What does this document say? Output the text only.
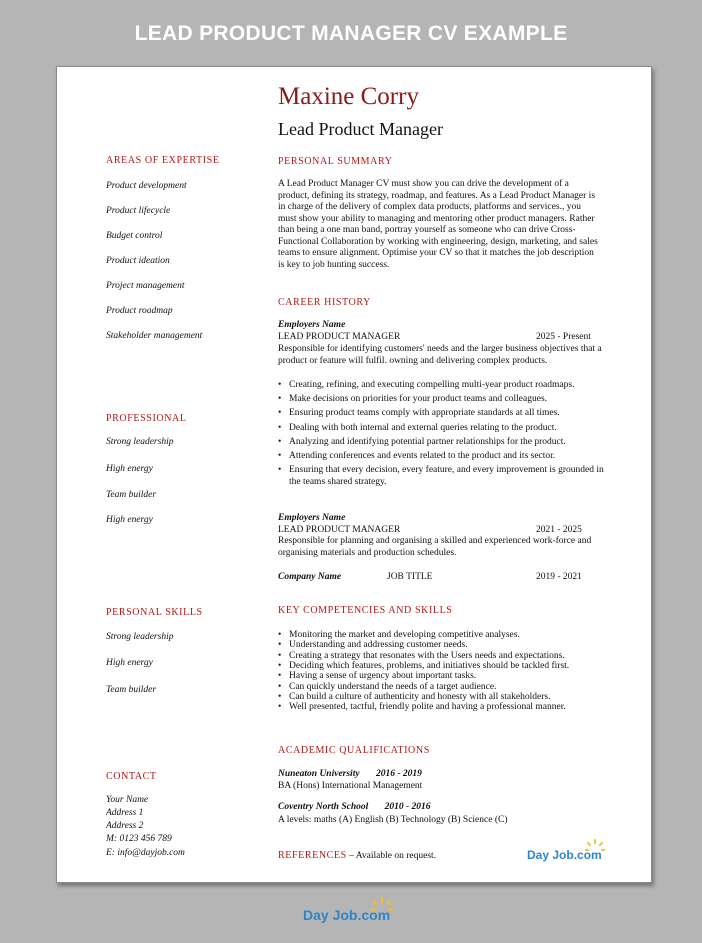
LEAD PRODUCT MANAGER CV EXAMPLE
Maxine Corry
Lead Product Manager
AREAS OF EXPERTISE
Product development
Product lifecycle
Budget control
Product ideation
Project management
Product roadmap
Stakeholder management
PROFESSIONAL
Strong leadership
High energy
Team builder
High energy
PERSONAL SKILLS
Strong leadership
High energy
Team builder
CONTACT
Your Name
Address 1
Address 2
M: 0123 456 789
E: info@dayjob.com
PERSONAL SUMMARY
A Lead Product Manager CV must show you can drive the development of a product, defining its strategy, roadmap, and features. As a Lead Product Manager is in charge of the delivery of complex data products, platforms and services., you must show your ability to managing and mentoring other product managers. Rather than being a one man band, portray yourself as someone who can drive Cross-Functional Collaboration by working with engineering, design, marketing, and sales teams to ensure alignment. Optimise your CV so that it matches the job description is key to job hunting success.
CAREER HISTORY
Employers Name
LEAD PRODUCT MANAGER	2025 - Present
Responsible for identifying customers' needs and the larger business objectives that a product or feature will fulfil. owning and delivering complex products.
• Creating, refining, and executing compelling multi-year product roadmaps.
• Make decisions on priorities for your product teams and colleagues.
• Ensuring product teams comply with appropriate standards at all times.
• Dealing with both internal and external queries relating to the product.
• Analyzing and identifying potential partner relationships for the product.
• Attending conferences and events related to the product and its sector.
• Ensuring that every decision, every feature, and every improvement is grounded in the teams shared strategy.
Employers Name
LEAD PRODUCT MANAGER	2021 - 2025
Responsible for planning and organising a skilled and experienced work-force and organising materials and production schedules.
Company Name	JOB TITLE	2019 - 2021
KEY COMPETENCIES AND SKILLS
• Monitoring the market and developing competitive analyses.
• Understanding and addressing customer needs.
• Creating a strategy that resonates with the Users needs and expectations.
• Deciding which features, problems, and initiatives should be tackled first.
• Having a sense of urgency about important tasks.
• Can quickly understand the needs of a target audience.
• Can build a culture of authenticity and honesty with all stakeholders.
• Well presented, tactful, friendly polite and having a professional manner.
ACADEMIC QUALIFICATIONS
Nuneaton University 2016 - 2019
BA (Hons) International Management
Coventry North School 2010 - 2016
A levels: maths (A) English (B) Technology (B) Science (C)
REFERENCES – Available on request.	Day Job.com
Day Job.com
